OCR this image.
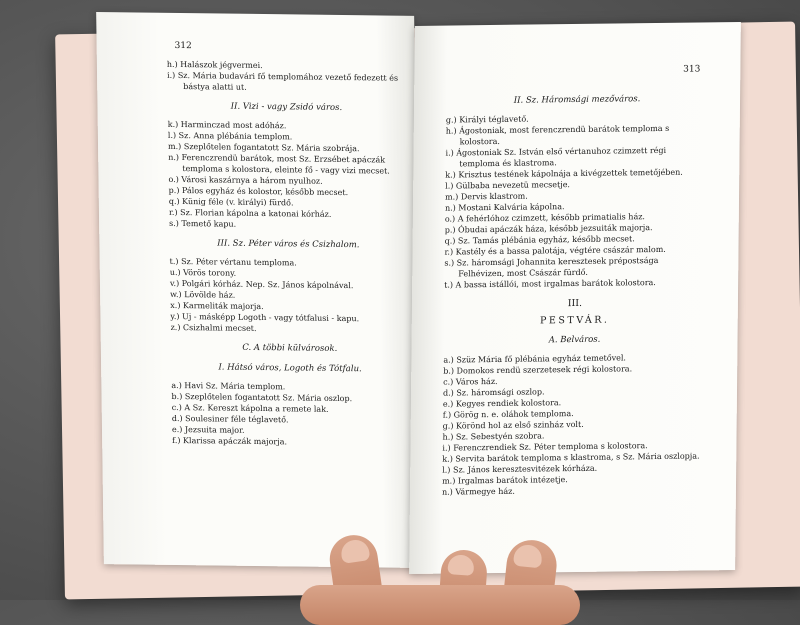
312
h.) Halászok jégvermei.
i.) Sz. Mária budavári fő templomához vezető fedezett és
bástya alatti ut.
II. Vizi - vagy Zsidó város.
k.) Harminczad most adóház.
l.) Sz. Anna plébánia templom.
m.) Szeplőtelen fogantatott Sz. Mária szobrája.
n.) Ferenczrendü barátok, most Sz. Erzsébet apáczák temploma s kolostora, eleinte fő - vagy vizi mecset.
o.) Városi kaszárnya a három nyulhoz.
p.) Pálos egyház és kolostor, később mecset.
q.) Künig féle (v. királyi) fürdő.
r.) Sz. Florian kápolna a katonai kórház.
s.) Temető kapu.
III. Sz. Péter város és Csizhalom.
t.) Sz. Péter vértanu temploma.
u.) Vörös torony.
v.) Polgári kórház. Nep. Sz. János kápolnával.
w.) Lövölde ház.
x.) Karmeliták majorja.
y.) Uj - másképp Logoth - vagy tótfalusi - kapu.
z.) Csizhalmi mecset.
C. A többi külvárosok.
I. Hátsó város, Logoth és Tótfalu.
a.) Havi Sz. Mária templom.
b.) Szeplőtelen fogantatott Sz. Mária oszlop.
c.) A Sz. Kereszt kápolna a remete lak.
d.) Soulesiner féle téglavető.
e.) Jezsuita major.
f.) Klarissa apáczák majorja.
313
II. Sz. Háromsági mezőváros.
g.) Királyi téglavető.
h.) Ágostoniak, most ferenczrendü barátok temploma s kolostora.
i.) Ágostoniak Sz. István első vértanuhoz czimzett régi temploma és klastroma.
k.) Krisztus testének kápolnája a kivégzettek temetőjében.
l.) Gülbaba nevezetü mecsetje.
m.) Dervis klastrom.
n.) Mostani Kalvária kápolna.
o.) A fehérlóhoz czimzett, később primatialis ház.
p.) Óbudai apáczák háza, később jezsuiták majorja.
q.) Sz. Tamás plébánia egyház, később mecset.
r.) Kastély és a bassa palotája, végtére császár malom.
s.) Sz. háromsági Johannita keresztesek prépostsága Felhévizen, most Császár fürdő.
t.) A bassa istállói, most irgalmas barátok kolostora.
III.
PESTVÁR.
A. Belváros.
a.) Szüz Mária fő plébánia egyház temetővel.
b.) Domokos rendü szerzetesek régi kolostora.
c.) Város ház.
d.) Sz. háromsági oszlop.
e.) Kegyes rendiek kolostora.
f.) Görög n. e. oláhok temploma.
g.) Körönd hol az első szinház volt.
h.) Sz. Sebestyén szobra.
i.) Ferenczrendiek Sz. Péter temploma s kolostora.
k.) Servita barátok temploma s klastroma, s Sz. Mária oszlopja.
l.) Sz. János keresztesvitézek kórháza.
m.) Irgalmas barátok intézetje.
n.) Vármegye ház.
